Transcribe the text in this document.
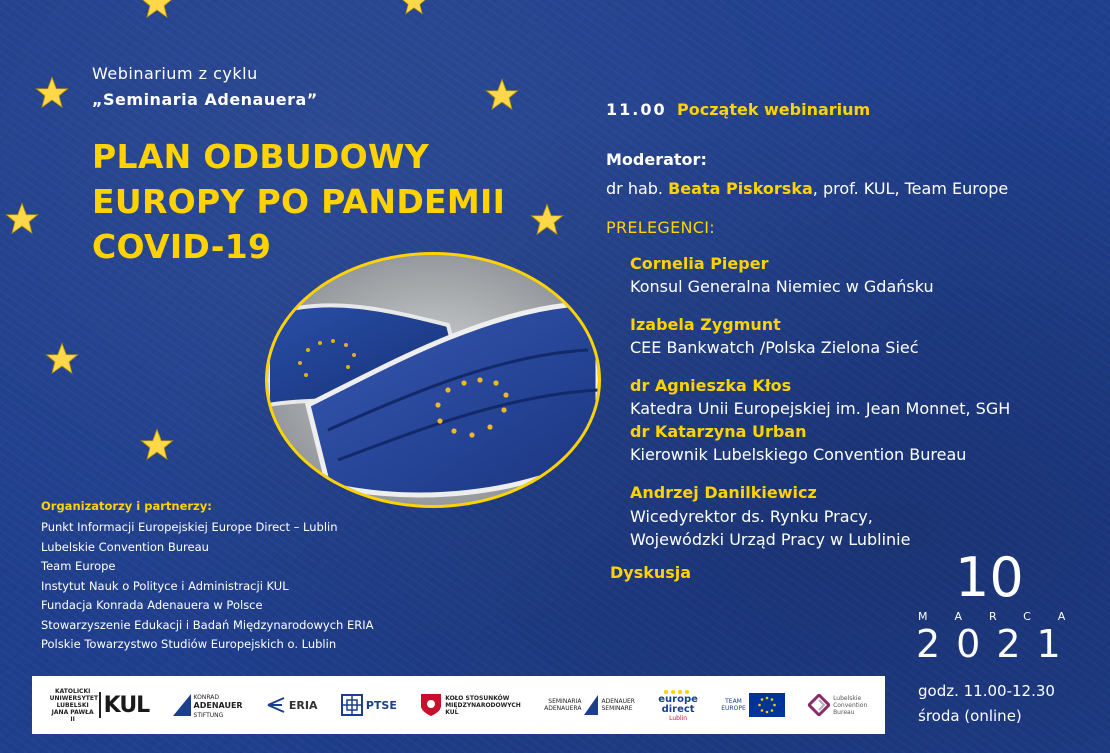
Webinarium z cyklu
„Seminaria Adenauera”
PLAN ODBUDOWY
EUROPY PO PANDEMII
COVID-19
11.00 Początek webinarium
Moderator:
dr hab. Beata Piskorska, prof. KUL, Team Europe
PRELEGENCI:
Cornelia Pieper
Konsul Generalna Niemiec w Gdańsku
Izabela Zygmunt
CEE Bankwatch /Polska Zielona Sieć
dr Agnieszka Kłos
Katedra Unii Europejskiej im. Jean Monnet, SGH
dr Katarzyna Urban
Kierownik Lubelskiego Convention Bureau
Andrzej Danilkiewicz
Wicedyrektor ds. Rynku Pracy,
Wojewódzki Urząd Pracy w Lublinie
Dyskusja
Organizatorzy i partnerzy:
Punkt Informacji Europejskiej Europe Direct – Lublin
Lubelskie Convention Bureau
Team Europe
Instytut Nauk o Polityce i Administracji KUL
Fundacja Konrada Adenauera w Polsce
Stowarzyszenie Edukacji i Badań Międzynarodowych ERIA
Polskie Towarzystwo Studiów Europejskich o. Lublin
10
MARCA
2021
godz. 11.00-12.30
środa (online)
KATOLICKI UNIWERSYTET LUBELSKI JANA PAWŁA II
KUL	KONRAD
ADENAUER
STIFTUNG
ERIA	PTSE
KOŁO STOSUNKÓW
MIĘDZYNARODOWYCH
KUL
SEMINARIA
ADENAUERA
ADENAUER
SEMINARE
europe
direct
Lublin
TEAM
EUROPE
Lubelskie
Convention
Bureau
